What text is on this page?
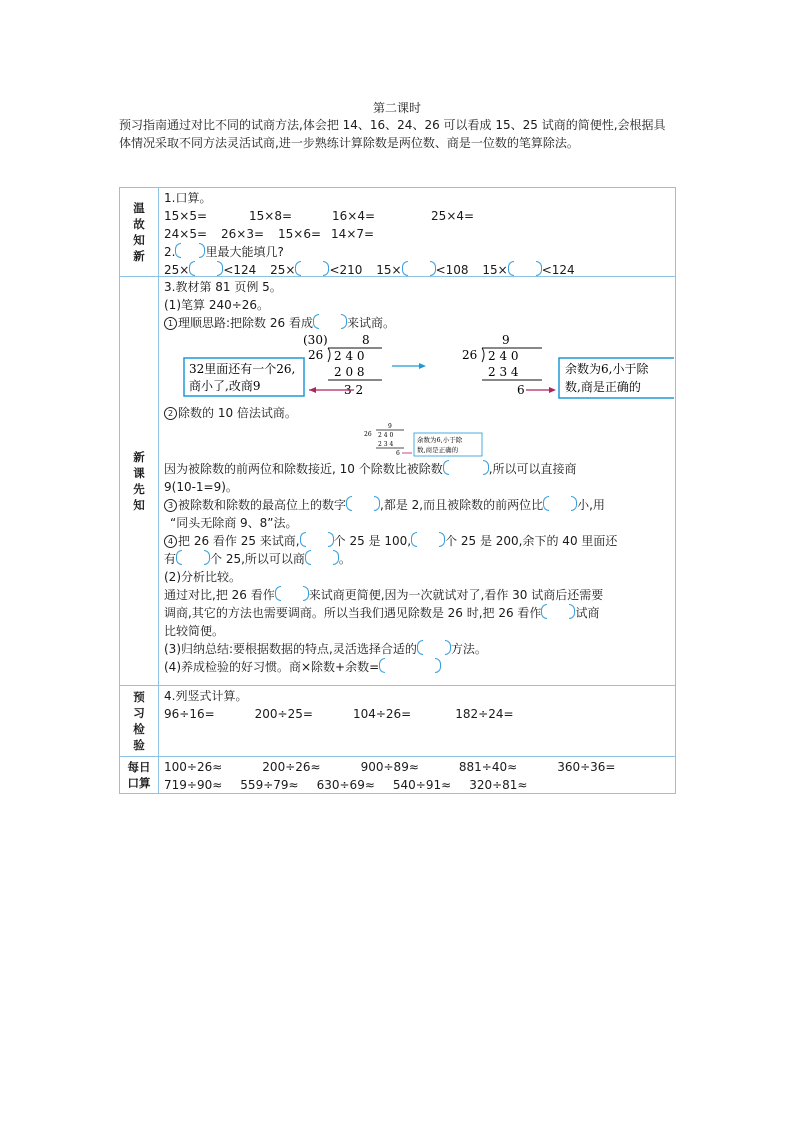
第二课时
预习指南通过对比不同的试商方法,体会把 14、16、24、26 可以看成 15、25 试商的简便性,会根据具体情况采取不同方法灵活试商,进一步熟练计算除数是两位数、商是一位数的笔算除法。
温故知新
1.口算。
15×5=	15×8=	16×4=	25×4=
24×5= 26×3= 15×6= 14×7=
2.	里最大能填几?
25×	<124 25×	<210 15×	<108 15×	<124
新课先知
3.教材第 81 页例 5。
(1)笔算 240÷26。
1 理顺思路:把除数 26 看成	来试商。
32里面还有一个26,
商小了,改商9
(30)	8
26 2 4 0
2 0 8
3 2
9
26 2 4 0
2 3 4
6
余数为6,小于除
数,商是正确的
2 除数的 10 倍法试商。
9
26 2 4 0
2 3 4
6
余数为6,小于除
数,商是正确的
因为被除数的前两位和除数接近, 10 个除数比被除数	,所以可以直接商
9(10-1=9)。
3 被除数和除数的最高位上的数字	,都是 2,而且被除数的前两位比	小,用
“同头无除商 9、8”法。
4 把 26 看作 25 来试商,	个 25 是 100,	个 25 是 200,余下的 40 里面还
有	个 25,所以可以商	。
(2)分析比较。
通过对比,把 26 看作	来试商更简便,因为一次就试对了,看作 30 试商后还需要
调商,其它的方法也需要调商。所以当我们遇见除数是 26 时,把 26 看作	试商
比较简便。
(3)归纳总结:要根据数据的特点,灵活选择合适的	方法。
(4)养成检验的好习惯。商×除数+余数=
预习检验
4.列竖式计算。
96÷16=	200÷25=	104÷26=	182÷24=
每日口算
100÷26≈	200÷26≈	900÷89≈	881÷40≈	360÷36=
719÷90≈ 559÷79≈ 630÷69≈ 540÷91≈ 320÷81≈
